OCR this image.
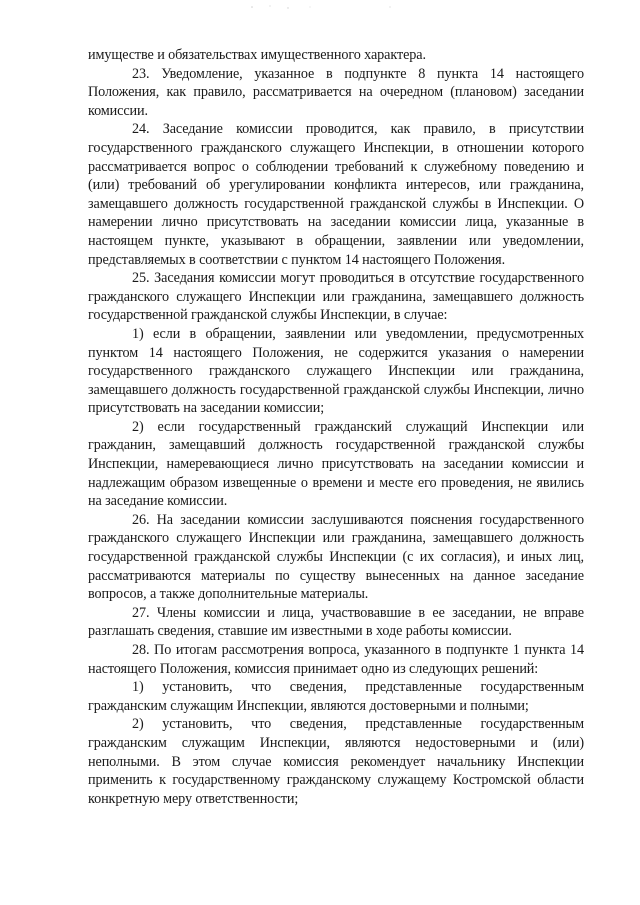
имуществе и обязательствах имущественного характера.

23. Уведомление, указанное в подпункте 8 пункта 14 настоящего Положения, как правило, рассматривается на очередном (плановом) заседании комиссии.

24. Заседание комиссии проводится, как правило, в присутствии государственного гражданского служащего Инспекции, в отношении которого рассматривается вопрос о соблюдении требований к служебному поведению и (или) требований об урегулировании конфликта интересов, или гражданина, замещавшего должность государственной гражданской службы в Инспекции. О намерении лично присутствовать на заседании комиссии лица, указанные в настоящем пункте, указывают в обращении, заявлении или уведомлении, представляемых в соответствии с пунктом 14 настоящего Положения.

25. Заседания комиссии могут проводиться в отсутствие государственного гражданского служащего Инспекции или гражданина, замещавшего должность государственной гражданской службы Инспекции, в случае:

1) если в обращении, заявлении или уведомлении, предусмотренных пунктом 14 настоящего Положения, не содержится указания о намерении государственного гражданского служащего Инспекции или гражданина, замещавшего должность государственной гражданской службы Инспекции, лично присутствовать на заседании комиссии;

2) если государственный гражданский служащий Инспекции или гражданин, замещавший должность государственной гражданской службы Инспекции, намеревающиеся лично присутствовать на заседании комиссии и надлежащим образом извещенные о времени и месте его проведения, не явились на заседание комиссии.

26. На заседании комиссии заслушиваются пояснения государственного гражданского служащего Инспекции или гражданина, замещавшего должность государственной гражданской службы Инспекции (с их согласия), и иных лиц, рассматриваются материалы по существу вынесенных на данное заседание вопросов, а также дополнительные материалы.

27. Члены комиссии и лица, участвовавшие в ее заседании, не вправе разглашать сведения, ставшие им известными в ходе работы комиссии.

28. По итогам рассмотрения вопроса, указанного в подпункте 1 пункта 14 настоящего Положения, комиссия принимает одно из следующих решений:

1) установить, что сведения, представленные государственным гражданским служащим Инспекции, являются достоверными и полными;

2) установить, что сведения, представленные государственным гражданским служащим Инспекции, являются недостоверными и (или) неполными. В этом случае комиссия рекомендует начальнику Инспекции применить к государственному гражданскому служащему Костромской области конкретную меру ответственности;
